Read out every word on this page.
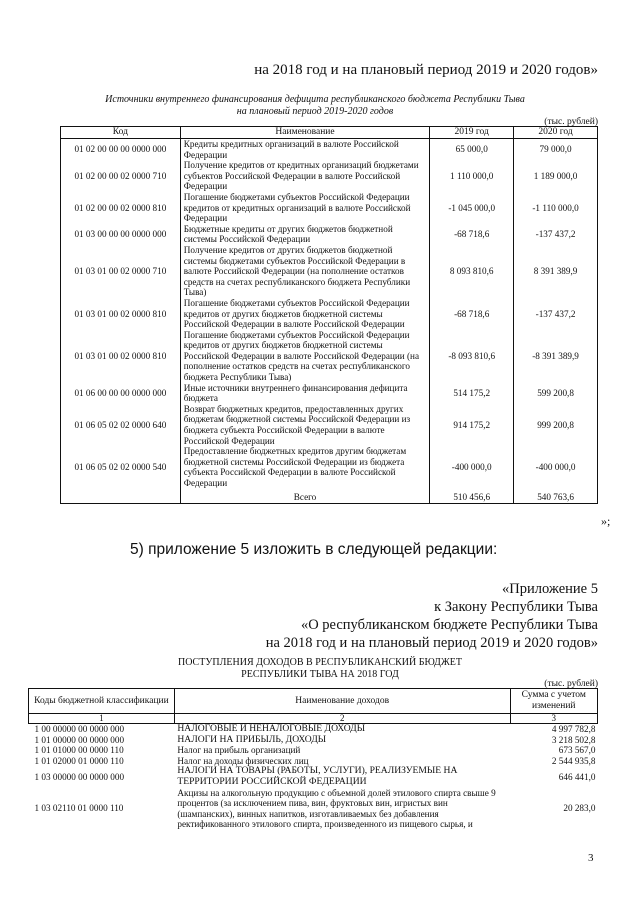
на 2018 год и на плановый период 2019 и 2020 годов»
Источники внутреннего финансирования дефицита республиканского бюджета Республики Тыва
на плановый период 2019-2020 годов
(тыс. рублей)
Код	Наименование	2019 год	2020 год
01 02 00 00 00 0000 000	Кредиты кредитных организаций в валюте Российской Федерации	65 000,0	79 000,0
01 02 00 00 02 0000 710	Получение кредитов от кредитных организаций бюджетами субъектов Российской Федерации в валюте Российской Федерации	1 110 000,0	1 189 000,0
01 02 00 00 02 0000 810	Погашение бюджетами субъектов Российской Федерации кредитов от кредитных организаций в валюте Российской Федерации	-1 045 000,0	-1 110 000,0
01 03 00 00 00 0000 000	Бюджетные кредиты от других бюджетов бюджетной системы Российской Федерации	-68 718,6	-137 437,2
01 03 01 00 02 0000 710	Получение кредитов от других бюджетов бюджетной системы бюджетами субъектов Российской Федерации в валюте Российской Федерации (на пополнение остатков средств на счетах республиканского бюджета Республики Тыва)	8 093 810,6	8 391 389,9
01 03 01 00 02 0000 810	Погашение бюджетами субъектов Российской Федерации кредитов от других бюджетов бюджетной системы Российской Федерации в валюте Российской Федерации	-68 718,6	-137 437,2
01 03 01 00 02 0000 810	Погашение бюджетами субъектов Российской Федерации кредитов от других бюджетов бюджетной системы Российской Федерации в валюте Российской Федерации (на пополнение остатков средств на счетах республиканского бюджета Республики Тыва)	-8 093 810,6	-8 391 389,9
01 06 00 00 00 0000 000	Иные источники внутреннего финансирования дефицита бюджета	514 175,2	599 200,8
01 06 05 02 02 0000 640	Возврат бюджетных кредитов, предоставленных других бюджетам бюджетной системы Российской Федерации из бюджета субъекта Российской Федерации в валюте Российской Федерации	914 175,2	999 200,8
01 06 05 02 02 0000 540	Предоставление бюджетных кредитов другим бюджетам бюджетной системы Российской Федерации из бюджета субъекта Российской Федерации в валюте Российской Федерации	-400 000,0	-400 000,0
	Всего	510 456,6	540 763,6
»;
5) приложение 5 изложить в следующей редакции:
«Приложение 5
к Закону Республики Тыва
«О республиканском бюджете Республики Тыва
на 2018 год и на плановый период 2019 и 2020 годов»
ПОСТУПЛЕНИЯ ДОХОДОВ В РЕСПУБЛИКАНСКИЙ БЮДЖЕТ
РЕСПУБЛИКИ ТЫВА НА 2018 ГОД
(тыс. рублей)
Коды бюджетной классификации	Наименование доходов	Сумма с учетом изменений
1	2	3
1 00 00000 00 0000 000	НАЛОГОВЫЕ И НЕНАЛОГОВЫЕ ДОХОДЫ	4 997 782,8
1 01 00000 00 0000 000	НАЛОГИ НА ПРИБЫЛЬ, ДОХОДЫ	3 218 502,8
1 01 01000 00 0000 110	Налог на прибыль организаций	673 567,0
1 01 02000 01 0000 110	Налог на доходы физических лиц	2 544 935,8
1 03 00000 00 0000 000	НАЛОГИ НА ТОВАРЫ (РАБОТЫ, УСЛУГИ), РЕАЛИЗУЕМЫЕ НА ТЕРРИТОРИИ РОССИЙСКОЙ ФЕДЕРАЦИИ	646 441,0
1 03 02110 01 0000 110	Акцизы на алкогольную продукцию с объемной долей этилового спирта свыше 9 процентов (за исключением пива, вин, фруктовых вин, игристых вин (шампанских), винных напитков, изготавливаемых без добавления ректификованного этилового спирта, произведенного из пищевого сырья, и	20 283,0
3
